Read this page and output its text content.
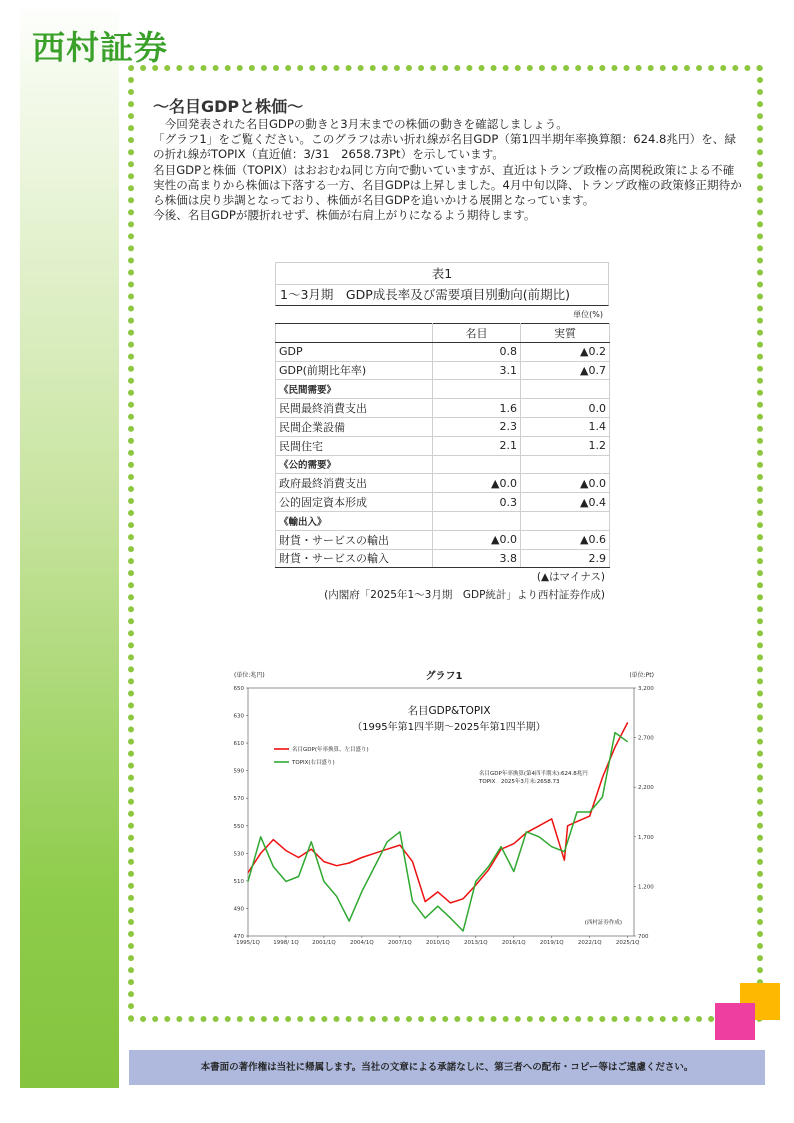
西村証券
～名目GDPと株価～

今回発表された名目GDPの動きと3月末までの株価の動きを確認しましょう。

「グラフ1」をご覧ください。このグラフは赤い折れ線が名目GDP（第1四半期年率換算額：624.8兆円）を、緑の折れ線がTOPIX（直近値：3/31　2658.73Pt）を示しています。

名目GDPと株価（TOPIX）はおおむね同じ方向で動いていますが、直近はトランプ政権の高関税政策による不確実性の高まりから株価は下落する一方、名目GDPは上昇しました。4月中旬以降、トランプ政権の政策修正期待から株価は戻り歩調となっており、株価が名目GDPを追いかける展開となっています。

今後、名目GDPが腰折れせず、株価が右肩上がりになるよう期待します。

表1
1～3月期　GDP成長率及び需要項目別動向(前期比)
単位(%)
	名目	実質
GDP	0.8	▲0.2
GDP(前期比年率)	3.1	▲0.7
《民間需要》		
民間最終消費支出	1.6	0.0
民間企業設備	2.3	1.4
民間住宅	2.1	1.2
《公的需要》		
政府最終消費支出	▲0.0	▲0.0
公的固定資本形成	0.3	▲0.4
《輸出入》		
財貨・サービスの輸出	▲0.0	▲0.6
財貨・サービスの輸入	3.8	2.9
(▲はマイナス)
(内閣府「2025年1～3月期　GDP統計」より西村証券作成)
(単位:兆円)	(単位:Pt)
グラフ1
470
490
510
530
550
570
590
610
630
650
700
1,200
1,700
2,200
2,700
3,200
1995/1Q 1998/ 1Q 2001/1Q	2004/1Q	2007/1Q	2010/1Q	2013/1Q	2016/1Q	2019/1Q	2022/1Q	2025/1Q
名目GDP&TOPIX
（1995年第1四半期～2025年第1四半期）
名目GDP(年率換算、左目盛り)
TOPIX(右目盛り)
名目GDP年率換算(第4四半期末):624.8兆円
TOPIX　2025年3月末:2658.73
(西村証券作成)
本書面の著作権は当社に帰属します。当社の文章による承諾なしに、第三者への配布・コピー等はご遠慮ください。
